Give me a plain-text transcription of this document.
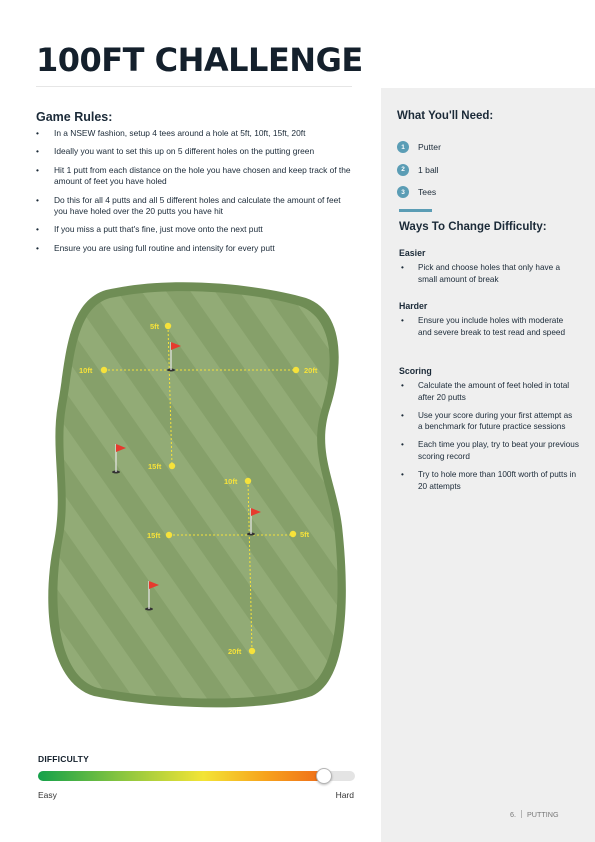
100FT CHALLENGE
Game Rules:
• In a NSEW fashion, setup 4 tees around a hole at 5ft, 10ft, 15ft, 20ft
• Ideally you want to set this up on 5 different holes on the putting green
• Hit 1 putt from each distance on the hole you have chosen and keep track of the amount of feet you have holed
• Do this for all 4 putts and all 5 different holes and calculate the amount of feet you have holed over the 20 putts you have hit
• If you miss a putt that's fine, just move onto the next putt
• Ensure you are using full routine and intensity for every putt
5ft
10ft	20ft
15ft
10ft
15ft	5ft
20ft
DIFFICULTY
Easy	Hard
What You'll Need:
1	Putter
2	1 ball
3	Tees
Ways To Change Difficulty:
Easier
• Pick and choose holes that only have a small amount of break
Harder
• Ensure you include holes with moderate and severe break to test read and speed
Scoring
• Calculate the amount of feet holed in total after 20 putts
• Use your score during your first attempt as a benchmark for future practice sessions
• Each time you play, try to beat your previous scoring record
• Try to hole more than 100ft worth of putts in 20 attempts
6. PUTTING
